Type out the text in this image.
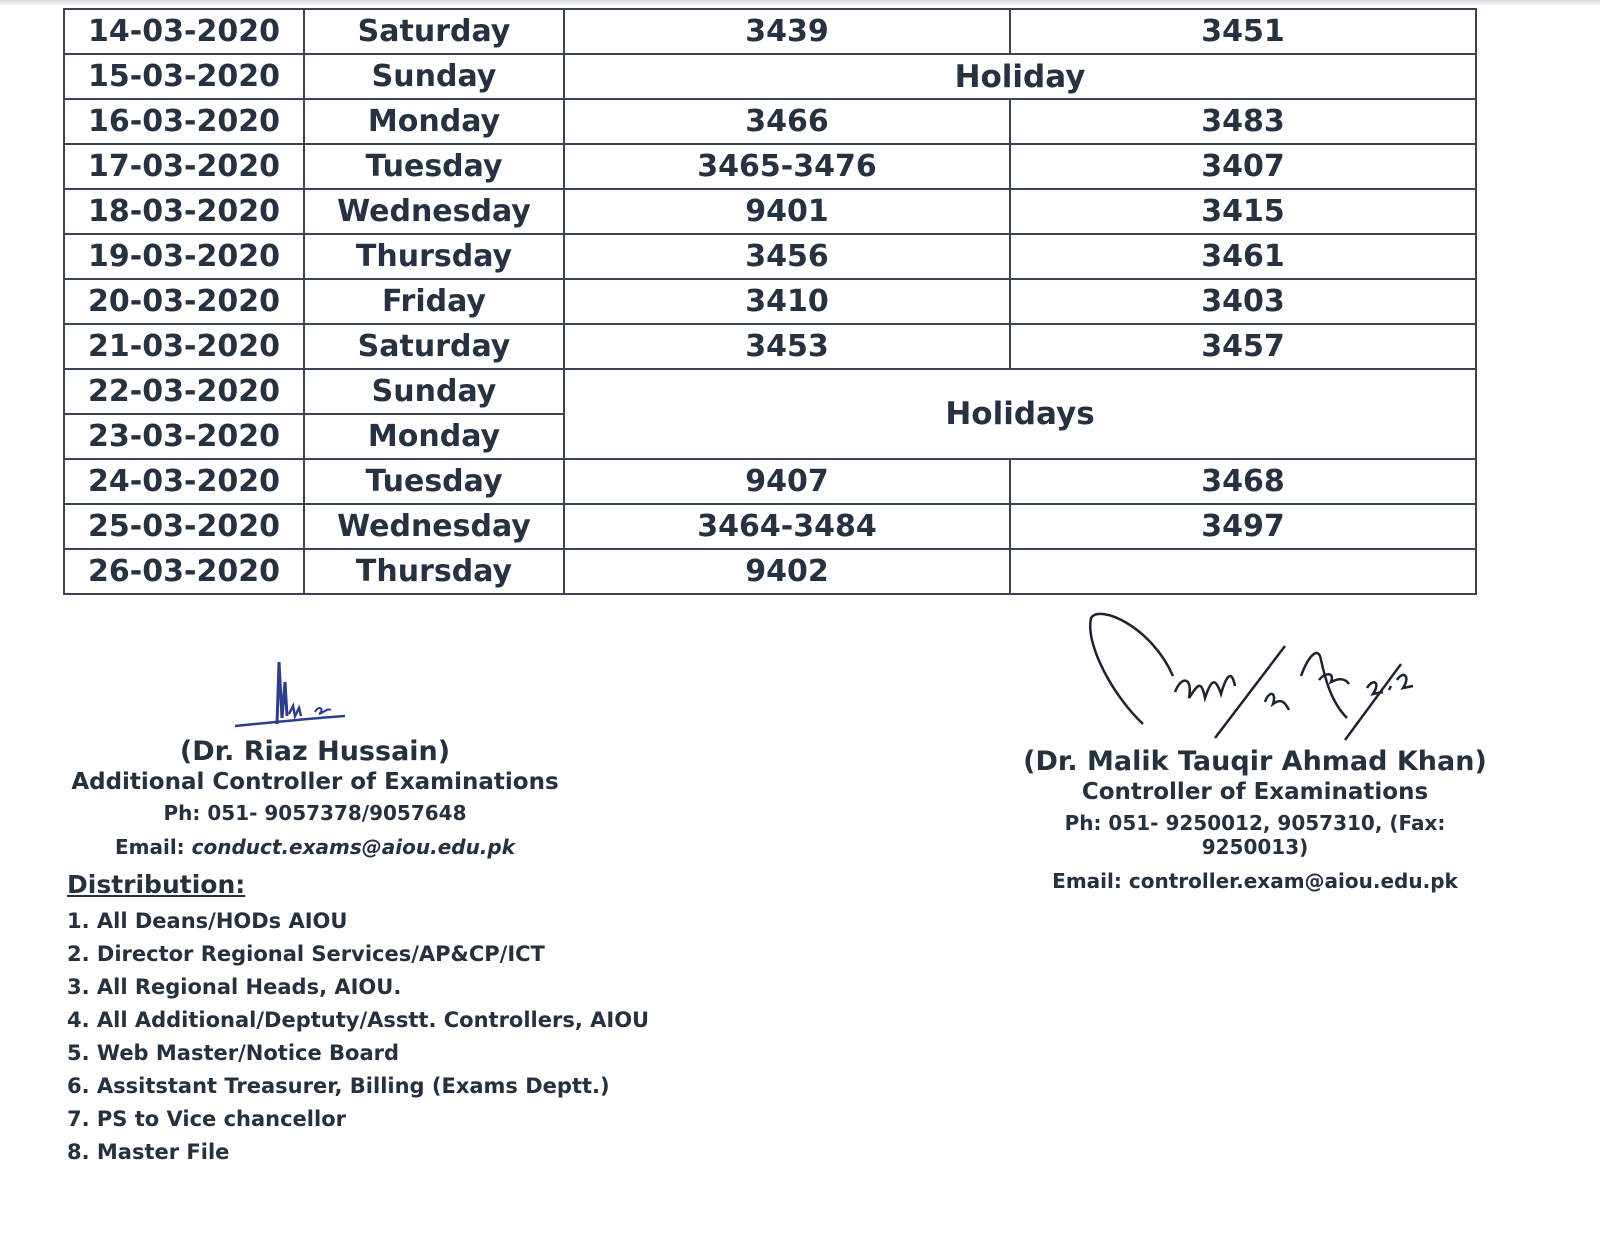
14-03-2020	Saturday	3439	3451
15-03-2020	Sunday	Holiday	
16-03-2020	Monday	3466	3483
17-03-2020	Tuesday	3465-3476	3407
18-03-2020	Wednesday	9401	3415
19-03-2020	Thursday	3456	3461
20-03-2020	Friday	3410	3403
21-03-2020	Saturday	3453	3457
22-03-2020	Sunday	Holidays	
23-03-2020	Monday		
24-03-2020	Tuesday	9407	3468
25-03-2020	Wednesday	3464-3484	3497
26-03-2020	Thursday	9402	
(Dr. Riaz Hussain)
Additional Controller of Examinations
Ph: 051- 9057378/9057648
Email: conduct.exams@aiou.edu.pk
(Dr. Malik Tauqir Ahmad Khan)
Controller of Examinations
Ph: 051- 9250012, 9057310, (Fax: 9250013)
Email: controller.exam@aiou.edu.pk
Distribution:
1. All Deans/HODs AIOU
2. Director Regional Services/AP&CP/ICT
3. All Regional Heads, AIOU.
4. All Additional/Deptuty/Asstt. Controllers, AIOU
5. Web Master/Notice Board
6. Assitstant Treasurer, Billing (Exams Deptt.)
7. PS to Vice chancellor
8. Master File
